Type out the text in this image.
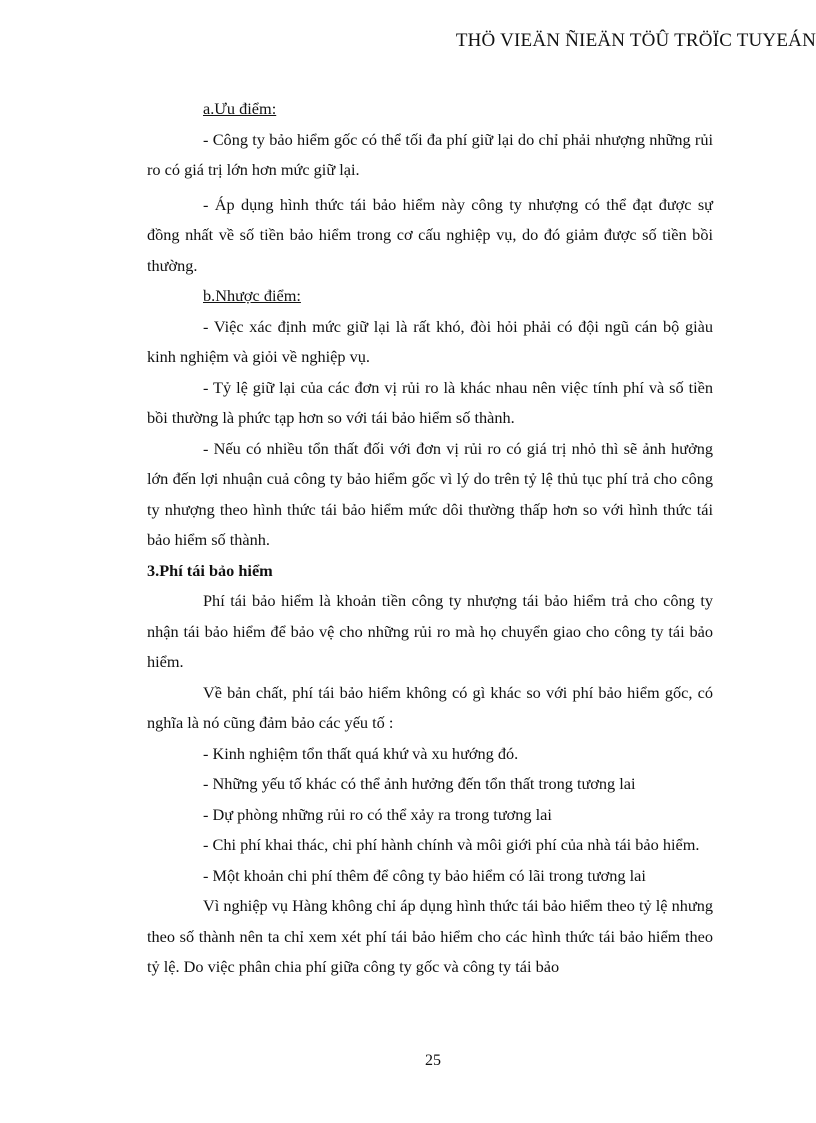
THÖ VIEÄN ÑIEÄN TÖÛ TRÖÏC TUYEÁN

a.Ưu điểm:

- Công ty bảo hiểm gốc có thể tối đa phí giữ lại do chỉ phải nhượng những rủi ro có giá trị lớn hơn mức giữ lại.

- Áp dụng hình thức tái bảo hiểm này công ty nhượng có thể đạt được sự đồng nhất về số tiền bảo hiểm trong cơ cấu nghiệp vụ, do đó giảm được số tiền bồi thường.

b.Nhược điểm:

- Việc xác định mức giữ lại là rất khó, đòi hỏi phải có đội ngũ cán bộ giàu kinh nghiệm và giỏi về nghiệp vụ.

- Tỷ lệ giữ lại của các đơn vị rủi ro là khác nhau nên việc tính phí và số tiền bồi thường là phức tạp hơn so với tái bảo hiểm số thành.

- Nếu có nhiều tổn thất đối với đơn vị rủi ro có giá trị nhỏ thì sẽ ảnh hưởng lớn đến lợi nhuận cuả công ty bảo hiểm gốc vì lý do trên tỷ lệ thủ tục phí trả cho công ty nhượng theo hình thức tái bảo hiểm mức dôi thường thấp hơn so với hình thức tái bảo hiểm số thành.

3.Phí tái bảo hiểm

Phí tái bảo hiểm là khoản tiền công ty nhượng tái bảo hiểm trả cho công ty nhận tái bảo hiểm để bảo vệ cho những rủi ro mà họ chuyển giao cho công ty tái bảo hiểm.

Về bản chất, phí tái bảo hiểm không có gì khác so với phí bảo hiểm gốc, có nghĩa là nó cũng đảm bảo các yếu tố :

- Kinh nghiệm tổn thất quá khứ và xu hướng đó.

- Những yếu tố khác có thể ảnh hưởng đến tổn thất trong tương lai

- Dự phòng những rủi ro có thể xảy ra trong tương lai

- Chi phí khai thác, chi phí hành chính và môi giới phí của nhà tái bảo hiểm.

- Một khoản chi phí thêm để công ty bảo hiểm có lãi trong tương lai

Vì nghiệp vụ Hàng không chỉ áp dụng hình thức tái bảo hiểm theo tỷ lệ nhưng theo số thành nên ta chỉ xem xét phí tái bảo hiểm cho các hình thức tái bảo hiểm theo tỷ lệ. Do việc phân chia phí giữa công ty gốc và công ty tái bảo

25
